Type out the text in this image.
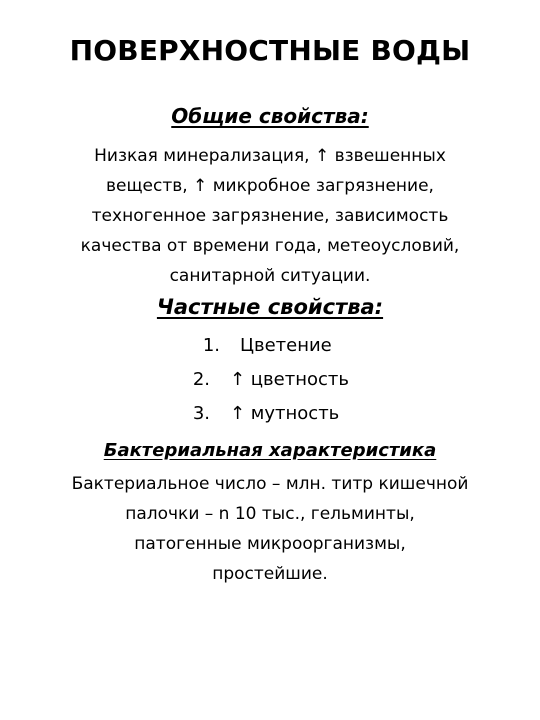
ПОВЕРХНОСТНЫЕ ВОДЫ
Общие свойства:
Низкая минерализация, ↑ взвешенных
веществ, ↑ микробное загрязнение,
техногенное загрязнение, зависимость
качества от времени года, метеоусловий,
санитарной ситуации.
Частные свойства:
1. Цветение
2. ↑ цветность
3. ↑ мутность
Бактериальная характеристика
Бактериальное число – млн. титр кишечной
палочки – n 10 тыс., гельминты,
патогенные микроорганизмы,
простейшие.
